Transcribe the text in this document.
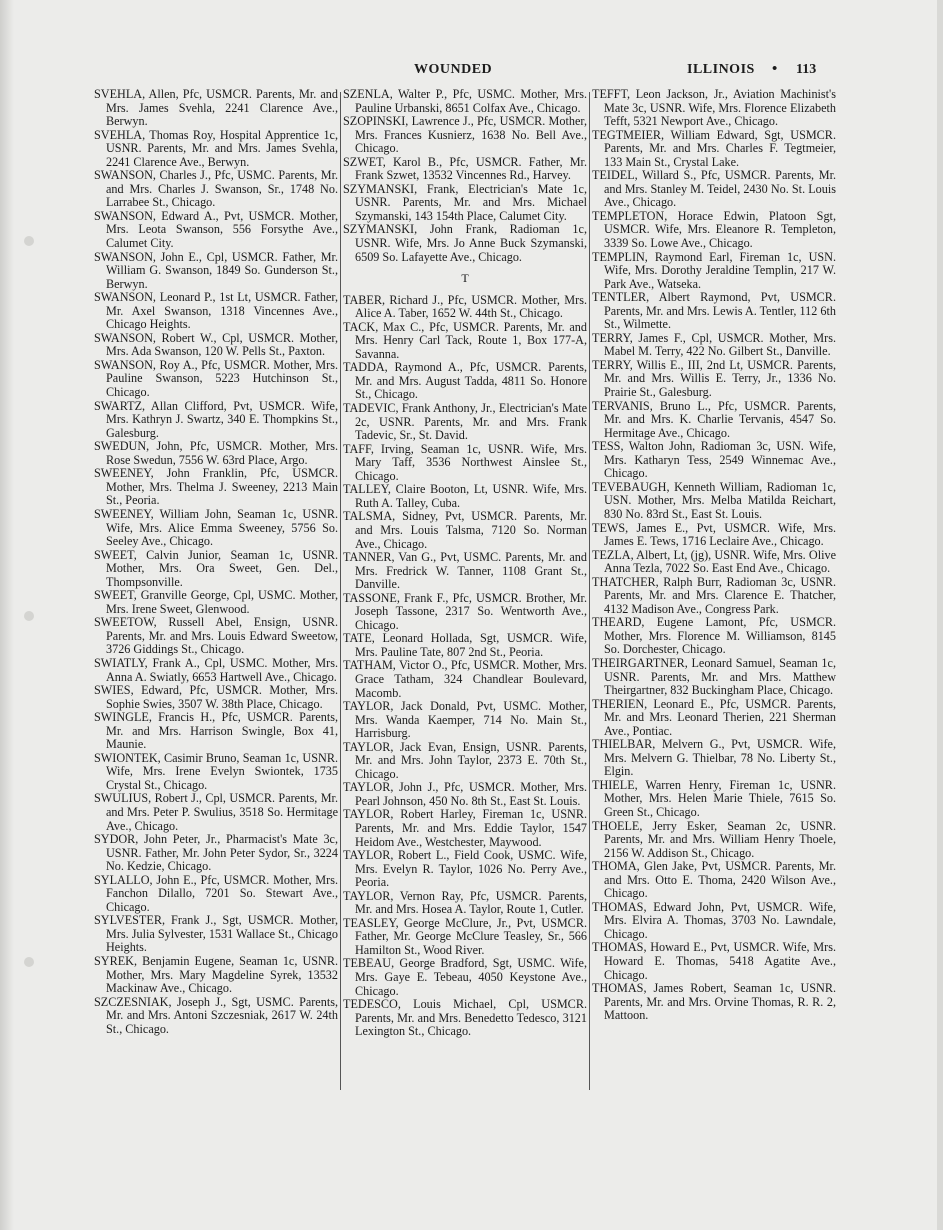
WOUNDED	ILLINOIS • 113
SVEHLA, Allen, Pfc, USMCR. Parents, Mr. and Mrs. James Svehla, 2241 Clarence Ave., Berwyn.
SVEHLA, Thomas Roy, Hospital Apprentice 1c, USNR. Parents, Mr. and Mrs. James Svehla, 2241 Clarence Ave., Berwyn.
SWANSON, Charles J., Pfc, USMC. Parents, Mr. and Mrs. Charles J. Swanson, Sr., 1748 No. Larrabee St., Chicago.
SWANSON, Edward A., Pvt, USMCR. Mother, Mrs. Leota Swanson, 556 Forsythe Ave., Calumet City.
SWANSON, John E., Cpl, USMCR. Father, Mr. William G. Swanson, 1849 So. Gunderson St., Berwyn.
SWANSON, Leonard P., 1st Lt, USMCR. Father, Mr. Axel Swanson, 1318 Vincennes Ave., Chicago Heights.
SWANSON, Robert W., Cpl, USMCR. Mother, Mrs. Ada Swanson, 120 W. Pells St., Paxton.
SWANSON, Roy A., Pfc, USMCR. Mother, Mrs. Pauline Swanson, 5223 Hutchinson St., Chicago.
SWARTZ, Allan Clifford, Pvt, USMCR. Wife, Mrs. Kathryn J. Swartz, 340 E. Thompkins St., Galesburg.
SWEDUN, John, Pfc, USMCR. Mother, Mrs. Rose Swedun, 7556 W. 63rd Place, Argo.
SWEENEY, John Franklin, Pfc, USMCR. Mother, Mrs. Thelma J. Sweeney, 2213 Main St., Peoria.
SWEENEY, William John, Seaman 1c, USNR. Wife, Mrs. Alice Emma Sweeney, 5756 So. Seeley Ave., Chicago.
SWEET, Calvin Junior, Seaman 1c, USNR. Mother, Mrs. Ora Sweet, Gen. Del., Thompsonville.
SWEET, Granville George, Cpl, USMC. Mother, Mrs. Irene Sweet, Glenwood.
SWEETOW, Russell Abel, Ensign, USNR. Parents, Mr. and Mrs. Louis Edward Sweetow, 3726 Giddings St., Chicago.
SWIATLY, Frank A., Cpl, USMC. Mother, Mrs. Anna A. Swiatly, 6653 Hartwell Ave., Chicago.
SWIES, Edward, Pfc, USMCR. Mother, Mrs. Sophie Swies, 3507 W. 38th Place, Chicago.
SWINGLE, Francis H., Pfc, USMCR. Parents, Mr. and Mrs. Harrison Swingle, Box 41, Maunie.
SWIONTEK, Casimir Bruno, Seaman 1c, USNR. Wife, Mrs. Irene Evelyn Swiontek, 1735 Crystal St., Chicago.
SWULIUS, Robert J., Cpl, USMCR. Parents, Mr. and Mrs. Peter P. Swulius, 3518 So. Hermitage Ave., Chicago.
SYDOR, John Peter, Jr., Pharmacist's Mate 3c, USNR. Father, Mr. John Peter Sydor, Sr., 3224 No. Kedzie, Chicago.
SYLALLO, John E., Pfc, USMCR. Mother, Mrs. Fanchon Dilallo, 7201 So. Stewart Ave., Chicago.
SYLVESTER, Frank J., Sgt, USMCR. Mother, Mrs. Julia Sylvester, 1531 Wallace St., Chicago Heights.
SYREK, Benjamin Eugene, Seaman 1c, USNR. Mother, Mrs. Mary Magdeline Syrek, 13532 Mackinaw Ave., Chicago.
SZCZESNIAK, Joseph J., Sgt, USMC. Parents, Mr. and Mrs. Antoni Szczesniak, 2617 W. 24th St., Chicago.
SZENLA, Walter P., Pfc, USMC. Mother, Mrs. Pauline Urbanski, 8651 Colfax Ave., Chicago.
SZOPINSKI, Lawrence J., Pfc, USMCR. Mother, Mrs. Frances Kusnierz, 1638 No. Bell Ave., Chicago.
SZWET, Karol B., Pfc, USMCR. Father, Mr. Frank Szwet, 13532 Vincennes Rd., Harvey.
SZYMANSKI, Frank, Electrician's Mate 1c, USNR. Parents, Mr. and Mrs. Michael Szymanski, 143 154th Place, Calumet City.
SZYMANSKI, John Frank, Radioman 1c, USNR. Wife, Mrs. Jo Anne Buck Szymanski, 6509 So. Lafayette Ave., Chicago.
T
TABER, Richard J., Pfc, USMCR. Mother, Mrs. Alice A. Taber, 1652 W. 44th St., Chicago.
TACK, Max C., Pfc, USMCR. Parents, Mr. and Mrs. Henry Carl Tack, Route 1, Box 177-A, Savanna.
TADDA, Raymond A., Pfc, USMCR. Parents, Mr. and Mrs. August Tadda, 4811 So. Honore St., Chicago.
TADEVIC, Frank Anthony, Jr., Electrician's Mate 2c, USNR. Parents, Mr. and Mrs. Frank Tadevic, Sr., St. David.
TAFF, Irving, Seaman 1c, USNR. Wife, Mrs. Mary Taff, 3536 Northwest Ainslee St., Chicago.
TALLEY, Claire Booton, Lt, USNR. Wife, Mrs. Ruth A. Talley, Cuba.
TALSMA, Sidney, Pvt, USMCR. Parents, Mr. and Mrs. Louis Talsma, 7120 So. Norman Ave., Chicago.
TANNER, Van G., Pvt, USMC. Parents, Mr. and Mrs. Fredrick W. Tanner, 1108 Grant St., Danville.
TASSONE, Frank F., Pfc, USMCR. Brother, Mr. Joseph Tassone, 2317 So. Wentworth Ave., Chicago.
TATE, Leonard Hollada, Sgt, USMCR. Wife, Mrs. Pauline Tate, 807 2nd St., Peoria.
TATHAM, Victor O., Pfc, USMCR. Mother, Mrs. Grace Tatham, 324 Chandlear Boulevard, Macomb.
TAYLOR, Jack Donald, Pvt, USMC. Mother, Mrs. Wanda Kaemper, 714 No. Main St., Harrisburg.
TAYLOR, Jack Evan, Ensign, USNR. Parents, Mr. and Mrs. John Taylor, 2373 E. 70th St., Chicago.
TAYLOR, John J., Pfc, USMCR. Mother, Mrs. Pearl Johnson, 450 No. 8th St., East St. Louis.
TAYLOR, Robert Harley, Fireman 1c, USNR. Parents, Mr. and Mrs. Eddie Taylor, 1547 Heidom Ave., Westchester, Maywood.
TAYLOR, Robert L., Field Cook, USMC. Wife, Mrs. Evelyn R. Taylor, 1026 No. Perry Ave., Peoria.
TAYLOR, Vernon Ray, Pfc, USMCR. Parents, Mr. and Mrs. Hosea A. Taylor, Route 1, Cutler.
TEASLEY, George McClure, Jr., Pvt, USMCR. Father, Mr. George McClure Teasley, Sr., 566 Hamilton St., Wood River.
TEBEAU, George Bradford, Sgt, USMC. Wife, Mrs. Gaye E. Tebeau, 4050 Keystone Ave., Chicago.
TEDESCO, Louis Michael, Cpl, USMCR. Parents, Mr. and Mrs. Benedetto Tedesco, 3121 Lexington St., Chicago.
TEFFT, Leon Jackson, Jr., Aviation Machinist's Mate 3c, USNR. Wife, Mrs. Florence Elizabeth Tefft, 5321 Newport Ave., Chicago.
TEGTMEIER, William Edward, Sgt, USMCR. Parents, Mr. and Mrs. Charles F. Tegtmeier, 133 Main St., Crystal Lake.
TEIDEL, Willard S., Pfc, USMCR. Parents, Mr. and Mrs. Stanley M. Teidel, 2430 No. St. Louis Ave., Chicago.
TEMPLETON, Horace Edwin, Platoon Sgt, USMCR. Wife, Mrs. Eleanore R. Templeton, 3339 So. Lowe Ave., Chicago.
TEMPLIN, Raymond Earl, Fireman 1c, USN. Wife, Mrs. Dorothy Jeraldine Templin, 217 W. Park Ave., Watseka.
TENTLER, Albert Raymond, Pvt, USMCR. Parents, Mr. and Mrs. Lewis A. Tentler, 112 6th St., Wilmette.
TERRY, James F., Cpl, USMCR. Mother, Mrs. Mabel M. Terry, 422 No. Gilbert St., Danville.
TERRY, Willis E., III, 2nd Lt, USMCR. Parents, Mr. and Mrs. Willis E. Terry, Jr., 1336 No. Prairie St., Galesburg.
TERVANIS, Bruno L., Pfc, USMCR. Parents, Mr. and Mrs. K. Charlie Tervanis, 4547 So. Hermitage Ave., Chicago.
TESS, Walton John, Radioman 3c, USN. Wife, Mrs. Katharyn Tess, 2549 Winnemac Ave., Chicago.
TEVEBAUGH, Kenneth William, Radioman 1c, USN. Mother, Mrs. Melba Matilda Reichart, 830 No. 83rd St., East St. Louis.
TEWS, James E., Pvt, USMCR. Wife, Mrs. James E. Tews, 1716 Leclaire Ave., Chicago.
TEZLA, Albert, Lt, (jg), USNR. Wife, Mrs. Olive Anna Tezla, 7022 So. East End Ave., Chicago.
THATCHER, Ralph Burr, Radioman 3c, USNR. Parents, Mr. and Mrs. Clarence E. Thatcher, 4132 Madison Ave., Congress Park.
THEARD, Eugene Lamont, Pfc, USMCR. Mother, Mrs. Florence M. Williamson, 8145 So. Dorchester, Chicago.
THEIRGARTNER, Leonard Samuel, Seaman 1c, USNR. Parents, Mr. and Mrs. Matthew Theirgartner, 832 Buckingham Place, Chicago.
THERIEN, Leonard E., Pfc, USMCR. Parents, Mr. and Mrs. Leonard Therien, 221 Sherman Ave., Pontiac.
THIELBAR, Melvern G., Pvt, USMCR. Wife, Mrs. Melvern G. Thielbar, 78 No. Liberty St., Elgin.
THIELE, Warren Henry, Fireman 1c, USNR. Mother, Mrs. Helen Marie Thiele, 7615 So. Green St., Chicago.
THOELE, Jerry Esker, Seaman 2c, USNR. Parents, Mr. and Mrs. William Henry Thoele, 2156 W. Addison St., Chicago.
THOMA, Glen Jake, Pvt, USMCR. Parents, Mr. and Mrs. Otto E. Thoma, 2420 Wilson Ave., Chicago.
THOMAS, Edward John, Pvt, USMCR. Wife, Mrs. Elvira A. Thomas, 3703 No. Lawndale, Chicago.
THOMAS, Howard E., Pvt, USMCR. Wife, Mrs. Howard E. Thomas, 5418 Agatite Ave., Chicago.
THOMAS, James Robert, Seaman 1c, USNR. Parents, Mr. and Mrs. Orvine Thomas, R. R. 2, Mattoon.
